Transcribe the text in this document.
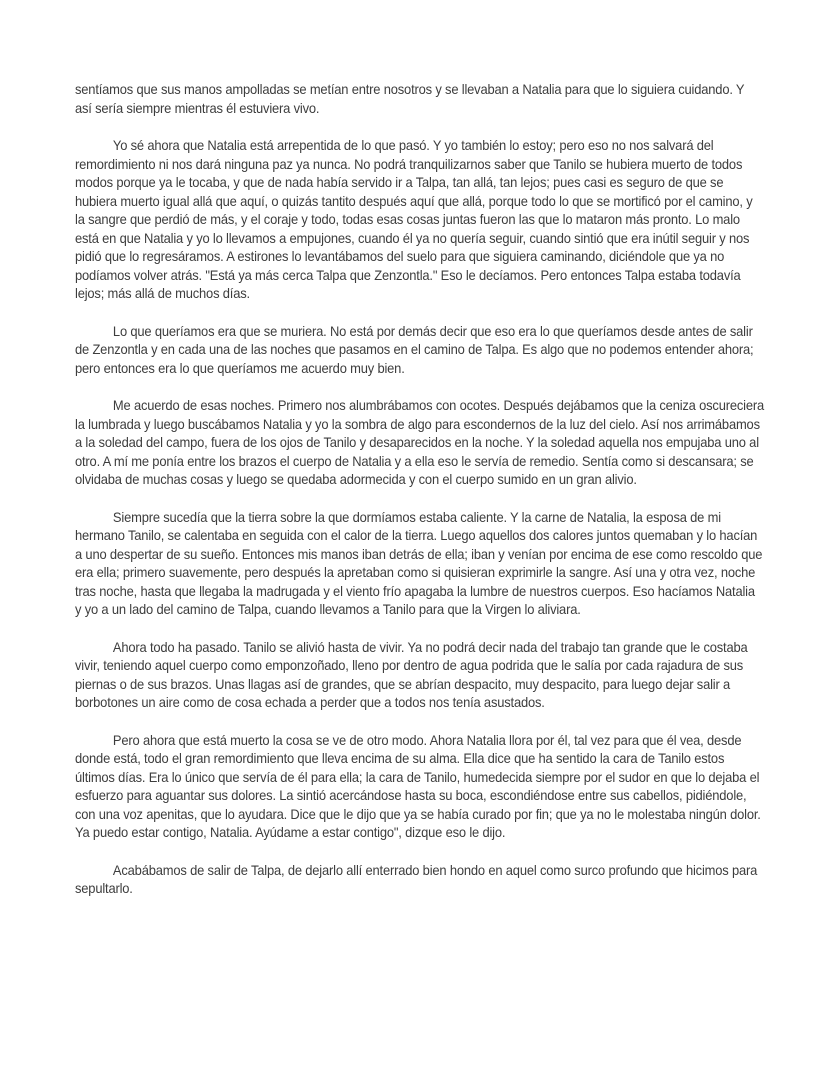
sentíamos que sus manos ampolladas se metían entre nosotros y se llevaban a Natalia para que lo siguiera cuidando. Y así sería siempre mientras él estuviera vivo.

Yo sé ahora que Natalia está arrepentida de lo que pasó. Y yo también lo estoy; pero eso no nos salvará del remordimiento ni nos dará ninguna paz ya nunca. No podrá tranquilizarnos saber que Tanilo se hubiera muerto de todos modos porque ya le tocaba, y que de nada había servido ir a Talpa, tan allá, tan lejos; pues casi es seguro de que se hubiera muerto igual allá que aquí, o quizás tantito después aquí que allá, porque todo lo que se mortificó por el camino, y la sangre que perdió de más, y el coraje y todo, todas esas cosas juntas fueron las que lo mataron más pronto. Lo malo está en que Natalia y yo lo llevamos a empujones, cuando él ya no quería seguir, cuando sintió que era inútil seguir y nos pidió que lo regresáramos. A estirones lo levantábamos del suelo para que siguiera caminando, diciéndole que ya no podíamos volver atrás. "Está ya más cerca Talpa que Zenzontla." Eso le decíamos. Pero entonces Talpa estaba todavía lejos; más allá de muchos días.

Lo que queríamos era que se muriera. No está por demás decir que eso era lo que queríamos desde antes de salir de Zenzontla y en cada una de las noches que pasamos en el camino de Talpa. Es algo que no podemos entender ahora; pero entonces era lo que queríamos me acuerdo muy bien.

Me acuerdo de esas noches. Primero nos alumbrábamos con ocotes. Después dejábamos que la ceniza oscureciera la lumbrada y luego buscábamos Natalia y yo la sombra de algo para escondernos de la luz del cielo. Así nos arrimábamos a la soledad del campo, fuera de los ojos de Tanilo y desaparecidos en la noche. Y la soledad aquella nos empujaba uno al otro. A mí me ponía entre los brazos el cuerpo de Natalia y a ella eso le servía de remedio. Sentía como si descansara; se olvidaba de muchas cosas y luego se quedaba adormecida y con el cuerpo sumido en un gran alivio.

Siempre sucedía que la tierra sobre la que dormíamos estaba caliente. Y la carne de Natalia, la esposa de mi hermano Tanilo, se calentaba en seguida con el calor de la tierra. Luego aquellos dos calores juntos quemaban y lo hacían a uno despertar de su sueño. Entonces mis manos iban detrás de ella; iban y venían por encima de ese como rescoldo que era ella; primero suavemente, pero después la apretaban como si quisieran exprimirle la sangre. Así una y otra vez, noche tras noche, hasta que llegaba la madrugada y el viento frío apagaba la lumbre de nuestros cuerpos. Eso hacíamos Natalia y yo a un lado del camino de Talpa, cuando llevamos a Tanilo para que la Virgen lo aliviara.

Ahora todo ha pasado. Tanilo se alivió hasta de vivir. Ya no podrá decir nada del trabajo tan grande que le costaba vivir, teniendo aquel cuerpo como emponzoñado, lleno por dentro de agua podrida que le salía por cada rajadura de sus piernas o de sus brazos. Unas llagas así de grandes, que se abrían despacito, muy despacito, para luego dejar salir a borbotones un aire como de cosa echada a perder que a todos nos tenía asustados.

Pero ahora que está muerto la cosa se ve de otro modo. Ahora Natalia llora por él, tal vez para que él vea, desde donde está, todo el gran remordimiento que lleva encima de su alma. Ella dice que ha sentido la cara de Tanilo estos últimos días. Era lo único que servía de él para ella; la cara de Tanilo, humedecida siempre por el sudor en que lo dejaba el esfuerzo para aguantar sus dolores. La sintió acercándose hasta su boca, escondiéndose entre sus cabellos, pidiéndole, con una voz apenitas, que lo ayudara. Dice que le dijo que ya se había curado por fin; que ya no le molestaba ningún dolor. Ya puedo estar contigo, Natalia. Ayúdame a estar contigo", dizque eso le dijo.

Acabábamos de salir de Talpa, de dejarlo allí enterrado bien hondo en aquel como surco profundo que hicimos para sepultarlo.
